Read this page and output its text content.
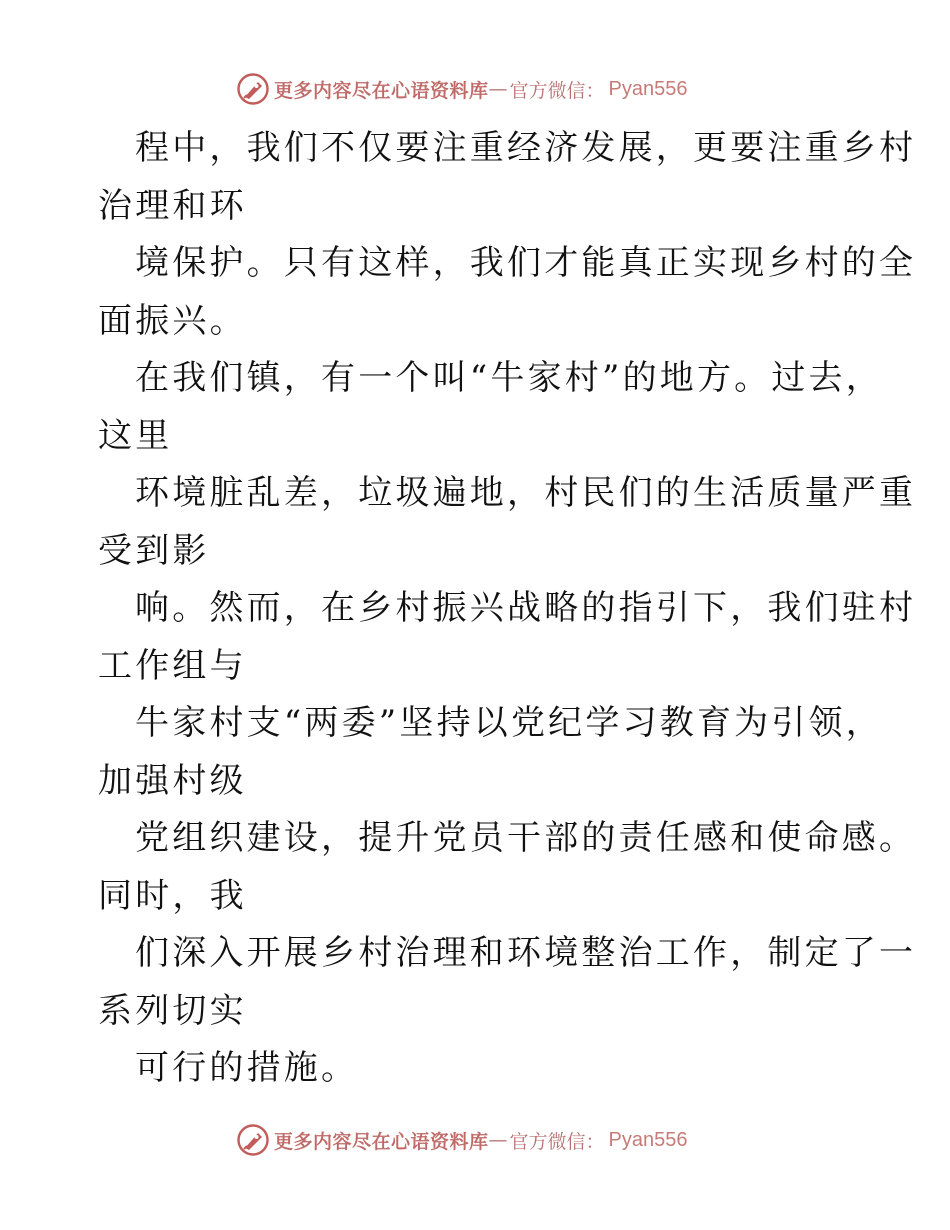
更多内容尽在心语资料库 — 官方微信： Pyan556
程中，我们不仅要注重经济发展，更要注重乡村
治理和环
境保护。只有这样，我们才能真正实现乡村的全
面振兴。
在我们镇，有一个叫“牛家村”的地方。过去，
这里
环境脏乱差，垃圾遍地，村民们的生活质量严重
受到影
响。然而，在乡村振兴战略的指引下，我们驻村
工作组与
牛家村支“两委”坚持以党纪学习教育为引领，
加强村级
党组织建设，提升党员干部的责任感和使命感。
同时，我
们深入开展乡村治理和环境整治工作，制定了一
系列切实
可行的措施。
更多内容尽在心语资料库 — 官方微信： Pyan556
